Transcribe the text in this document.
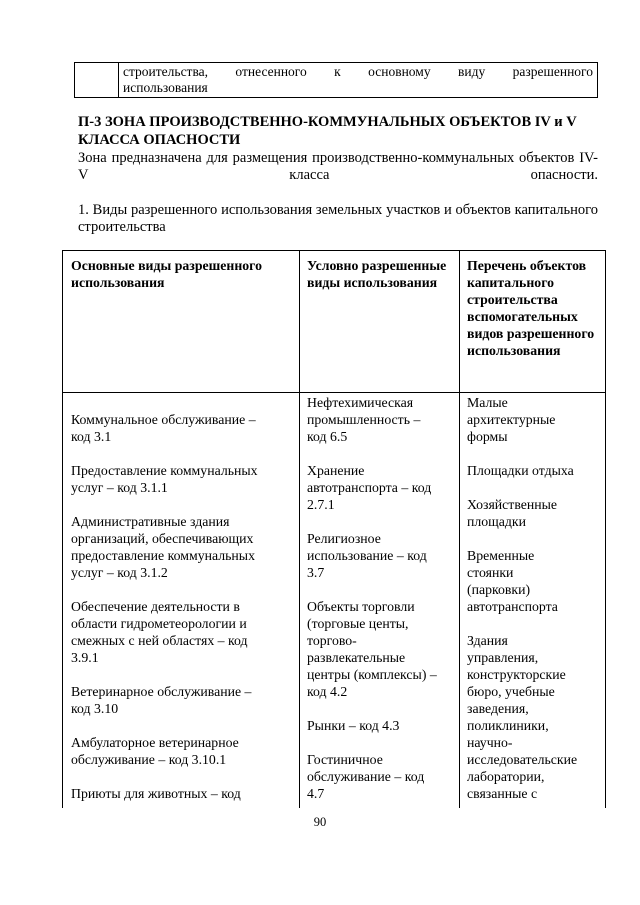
строительства, отнесенного к основному виду разрешенного
использования
П-3 ЗОНА ПРОИЗВОДСТВЕННО-КОММУНАЛЬНЫХ ОБЪЕКТОВ IV и V КЛАССА ОПАСНОСТИ
Зона предназначена для размещения производственно-коммунальных объектов IV-V класса опасности.
1. Виды разрешенного использования земельных участков и объектов капитального строительства
Основные виды разрешенного использования
Условно разрешенные виды использования
Перечень объектов капитального строительства вспомогательных видов разрешенного использования
Коммунальное обслуживание –
код 3.1
Предоставление коммунальных
услуг – код 3.1.1
Административные здания
организаций, обеспечивающих
предоставление коммунальных
услуг – код 3.1.2
Обеспечение деятельности в
области гидрометеорологии и
смежных с ней областях – код
3.9.1
Ветеринарное обслуживание –
код 3.10
Амбулаторное ветеринарное
обслуживание – код 3.10.1
Приюты для животных – код
Нефтехимическая
промышленность –
код 6.5
Хранение
автотранспорта – код
2.7.1
Религиозное
использование – код
3.7
Объекты торговли
(торговые центы,
торгово-
развлекательные
центры (комплексы) –
код 4.2
Рынки – код 4.3
Гостиничное
обслуживание – код
4.7
Малые
архитектурные
формы
Площадки отдыха
Хозяйственные
площадки
Временные
стоянки
(парковки)
автотранспорта
Здания
управления,
конструкторские
бюро, учебные
заведения,
поликлиники,
научно-
исследовательские
лаборатории,
связанные с
90
